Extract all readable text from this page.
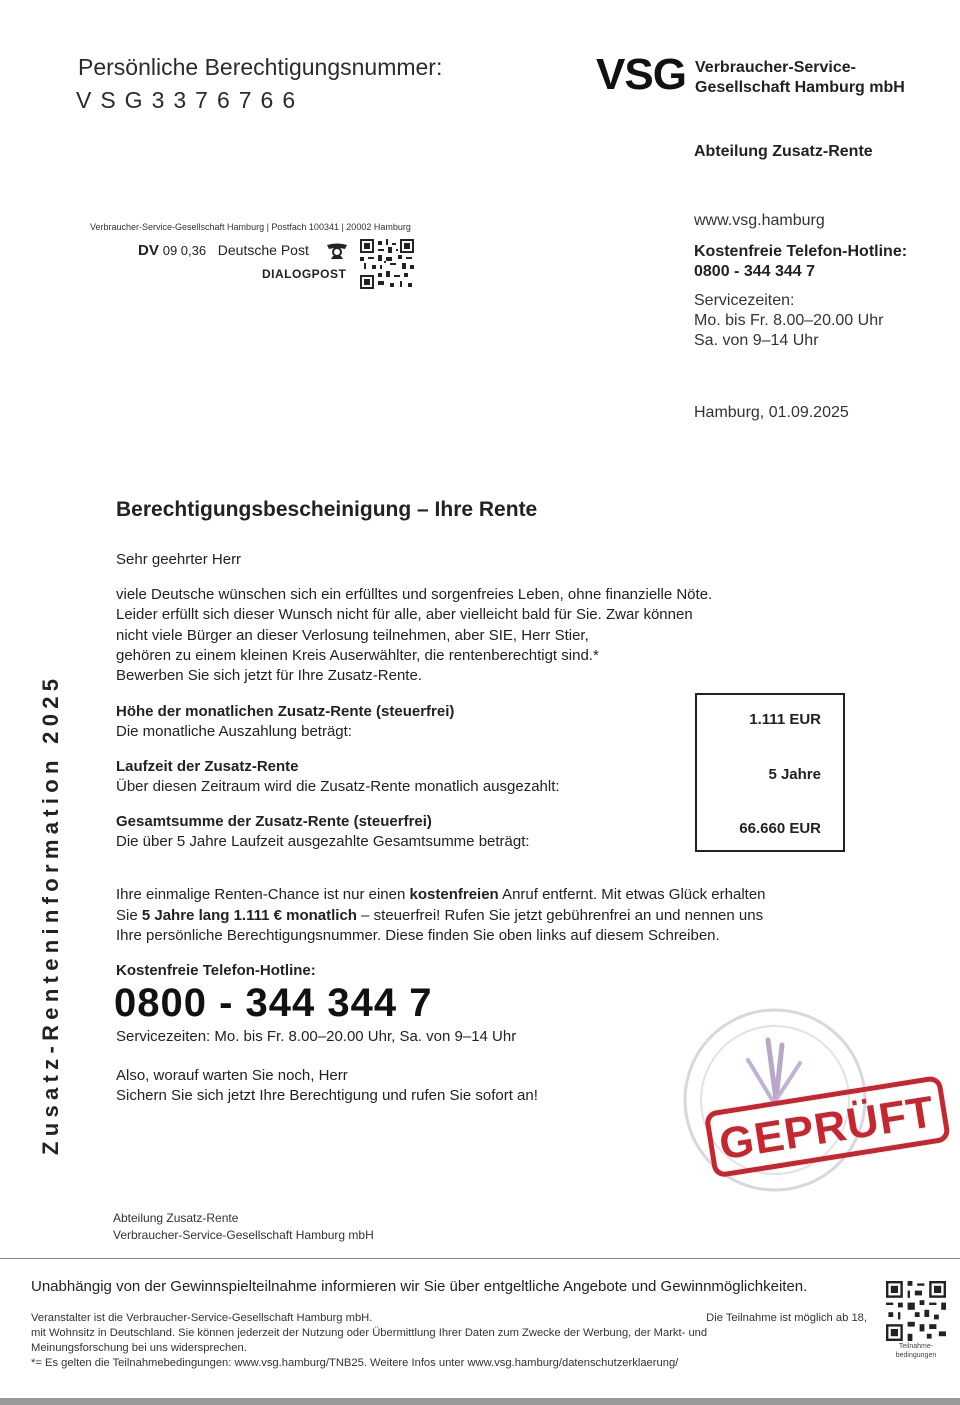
Persönliche Berechtigungsnummer:
VSG3376766
VSG Verbraucher-Service-
Gesellschaft Hamburg mbH
Abteilung Zusatz-Rente
Verbraucher-Service-Gesellschaft Hamburg | Postfach 100341 | 20002 Hamburg
DV 09 0,36 Deutsche Post
DIALOGPOST
www.vsg.hamburg
Kostenfreie Telefon-Hotline:
0800 - 344 344 7
Servicezeiten:
Mo. bis Fr. 8.00–20.00 Uhr
Sa. von 9–14 Uhr
Hamburg, 01.09.2025
Zusatz-Renteninformation 2025
Berechtigungsbescheinigung – Ihre Rente
Sehr geehrter Herr
viele Deutsche wünschen sich ein erfülltes und sorgenfreies Leben, ohne finanzielle Nöte.
Leider erfüllt sich dieser Wunsch nicht für alle, aber vielleicht bald für Sie. Zwar können
nicht viele Bürger an dieser Verlosung teilnehmen, aber SIE, Herr Stier,
gehören zu einem kleinen Kreis Auserwählter, die rentenberechtigt sind.*
Bewerben Sie sich jetzt für Ihre Zusatz-Rente.
Höhe der monatlichen Zusatz-Rente (steuerfrei)
Die monatliche Auszahlung beträgt:
Laufzeit der Zusatz-Rente
Über diesen Zeitraum wird die Zusatz-Rente monatlich ausgezahlt:
Gesamtsumme der Zusatz-Rente (steuerfrei)
Die über 5 Jahre Laufzeit ausgezahlte Gesamtsumme beträgt:
1.111 EUR
5 Jahre
66.660 EUR
Ihre einmalige Renten-Chance ist nur einen kostenfreien Anruf entfernt. Mit etwas Glück erhalten
Sie 5 Jahre lang 1.111 € monatlich – steuerfrei! Rufen Sie jetzt gebührenfrei an und nennen uns
Ihre persönliche Berechtigungsnummer. Diese finden Sie oben links auf diesem Schreiben.
Kostenfreie Telefon-Hotline:
0800 - 344 344 7
Servicezeiten: Mo. bis Fr. 8.00–20.00 Uhr, Sa. von 9–14 Uhr
Also, worauf warten Sie noch, Herr
Sichern Sie sich jetzt Ihre Berechtigung und rufen Sie sofort an!	GEPRÜFT
Abteilung Zusatz-Rente
Verbraucher-Service-Gesellschaft Hamburg mbH
Unabhängig von der Gewinnspielteilnahme informieren wir Sie über entgeltliche Angebote und Gewinnmöglichkeiten.
Veranstalter ist die Verbraucher-Service-Gesellschaft Hamburg mbH.	Die Teilnahme ist möglich ab 18,
mit Wohnsitz in Deutschland. Sie können jederzeit der Nutzung oder Übermittlung Ihrer Daten zum Zwecke der Werbung, der Markt- und
Meinungsforschung bei uns widersprechen.
*= Es gelten die Teilnahmebedingungen: www.vsg.hamburg/TNB25. Weitere Infos unter www.vsg.hamburg/datenschutzerklaerung/
Teilnahme-
bedingungen
